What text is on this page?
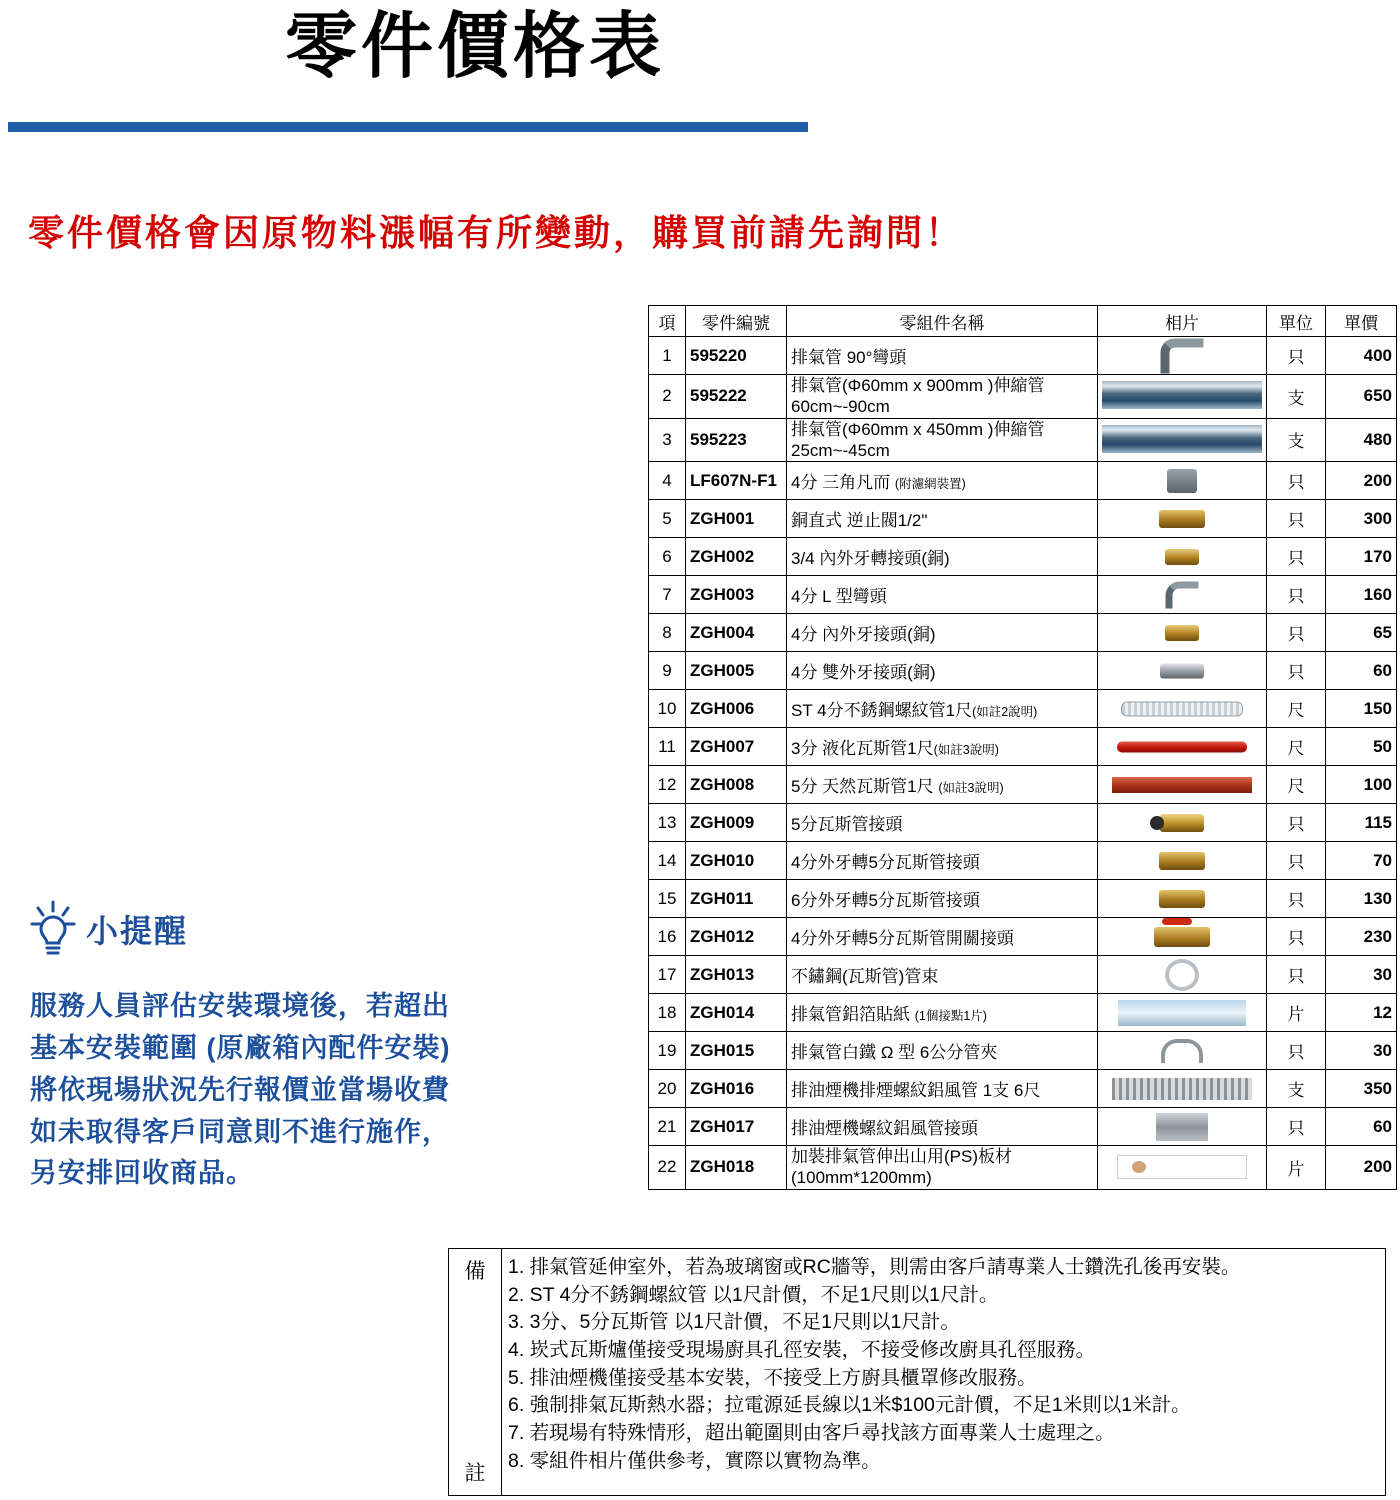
零件價格表
零件價格會因原物料漲幅有所變動，購買前請先詢問！
小提醒
服務人員評估安裝環境後，若超出
基本安裝範圍 (原廠箱內配件安裝)
將依現場狀況先行報價並當場收費
如未取得客戶同意則不進行施作，
另安排回收商品。
項	零件編號	零組件名稱	相片	單位	單價
1	595220	排氣管 90°彎頭		只	400
2	595222	排氣管(Φ60mm x 900mm )伸縮管
60cm~-90cm		支	650
3	595223	排氣管(Φ60mm x 450mm )伸縮管
25cm~-45cm		支	480
4	LF607N-F1	4分 三角凡而 (附濾網裝置)		只	200
5	ZGH001	銅直式 逆止閥1/2"		只	300
6	ZGH002	3/4 內外牙轉接頭(銅)		只	170
7	ZGH003	4分 L 型彎頭		只	160
8	ZGH004	4分 內外牙接頭(銅)		只	65
9	ZGH005	4分 雙外牙接頭(銅)		只	60
10	ZGH006	ST 4分不銹鋼螺紋管1尺(如註2說明)		尺	150
11	ZGH007	3分 液化瓦斯管1尺(如註3說明)		尺	50
12	ZGH008	5分 天然瓦斯管1尺 (如註3說明)		尺	100
13	ZGH009	5分瓦斯管接頭		只	115
14	ZGH010	4分外牙轉5分瓦斯管接頭		只	70
15	ZGH011	6分外牙轉5分瓦斯管接頭		只	130
16	ZGH012	4分外牙轉5分瓦斯管開關接頭		只	230
17	ZGH013	不鏽鋼(瓦斯管)管束		只	30
18	ZGH014	排氣管鋁箔貼紙 (1個接點1片)		片	12
19	ZGH015	排氣管白鐵 Ω 型 6公分管夾		只	30
20	ZGH016	排油煙機排煙螺紋鋁風管 1支 6尺		支	350
21	ZGH017	排油煙機螺紋鋁風管接頭		只	60
22	ZGH018	加裝排氣管伸出山用(PS)板材
(100mm*1200mm)		片	200
備
註

1. 排氣管延伸室外，若為玻璃窗或RC牆等，則需由客戶請專業人士鑽洗孔後再安裝。
2. ST 4分不銹鋼螺紋管 以1尺計價，不足1尺則以1尺計。
3. 3分、5分瓦斯管 以1尺計價，不足1尺則以1尺計。
4. 崁式瓦斯爐僅接受現場廚具孔徑安裝，不接受修改廚具孔徑服務。
5. 排油煙機僅接受基本安裝，不接受上方廚具櫃罩修改服務。
6. 強制排氣瓦斯熱水器；拉電源延長線以1米$100元計價，不足1米則以1米計。
7. 若現場有特殊情形，超出範圍則由客戶尋找該方面專業人士處理之。
8. 零組件相片僅供參考，實際以實物為準。
